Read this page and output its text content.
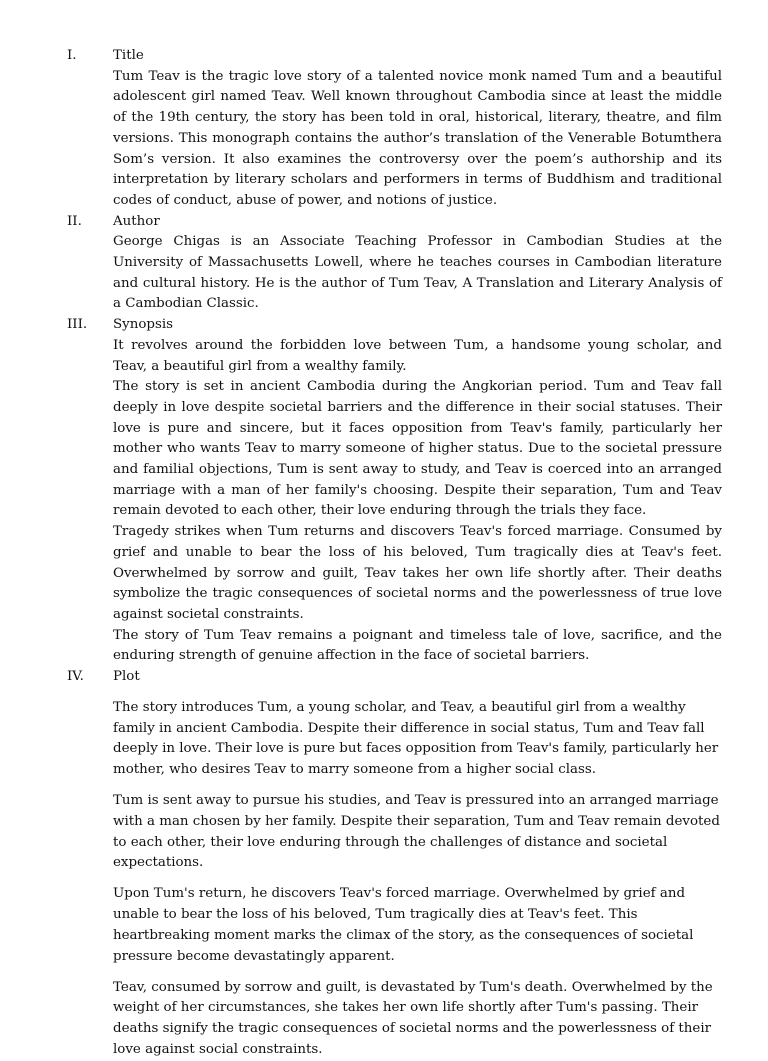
I.	Title

Tum Teav is the tragic love story of a talented novice monk named Tum and a beautiful adolescent girl named Teav. Well known throughout Cambodia since at least the middle of the 19th century, the story has been told in oral, historical, literary, theatre, and film versions. This monograph contains the author’s translation of the Venerable Botumthera Som’s version. It also examines the controversy over the poem’s authorship and its interpretation by literary scholars and performers in terms of Buddhism and traditional codes of conduct, abuse of power, and notions of justice.

II. Author

George Chigas is an Associate Teaching Professor in Cambodian Studies at the University of Massachusetts Lowell, where he teaches courses in Cambodian literature and cultural history. He is the author of Tum Teav, A Translation and Literary Analysis of a Cambodian Classic.

III. Synopsis

It revolves around the forbidden love between Tum, a handsome young scholar, and Teav, a beautiful girl from a wealthy family.

The story is set in ancient Cambodia during the Angkorian period. Tum and Teav fall deeply in love despite societal barriers and the difference in their social statuses. Their love is pure and sincere, but it faces opposition from Teav's family, particularly her mother who wants Teav to marry someone of higher status. Due to the societal pressure and familial objections, Tum is sent away to study, and Teav is coerced into an arranged marriage with a man of her family's choosing. Despite their separation, Tum and Teav remain devoted to each other, their love enduring through the trials they face.

Tragedy strikes when Tum returns and discovers Teav's forced marriage. Consumed by grief and unable to bear the loss of his beloved, Tum tragically dies at Teav's feet. Overwhelmed by sorrow and guilt, Teav takes her own life shortly after. Their deaths symbolize the tragic consequences of societal norms and the powerlessness of true love against societal constraints.

The story of Tum Teav remains a poignant and timeless tale of love, sacrifice, and the enduring strength of genuine affection in the face of societal barriers.

IV. Plot

The story introduces Tum, a young scholar, and Teav, a beautiful girl from a wealthy family in ancient Cambodia. Despite their difference in social status, Tum and Teav fall deeply in love. Their love is pure but faces opposition from Teav's family, particularly her mother, who desires Teav to marry someone from a higher social class.

Tum is sent away to pursue his studies, and Teav is pressured into an arranged marriage with a man chosen by her family. Despite their separation, Tum and Teav remain devoted to each other, their love enduring through the challenges of distance and societal expectations.

Upon Tum's return, he discovers Teav's forced marriage. Overwhelmed by grief and unable to bear the loss of his beloved, Tum tragically dies at Teav's feet. This heartbreaking moment marks the climax of the story, as the consequences of societal pressure become devastatingly apparent.

Teav, consumed by sorrow and guilt, is devastated by Tum's death. Overwhelmed by the weight of her circumstances, she takes her own life shortly after Tum's passing. Their deaths signify the tragic consequences of societal norms and the powerlessness of their love against social constraints.
